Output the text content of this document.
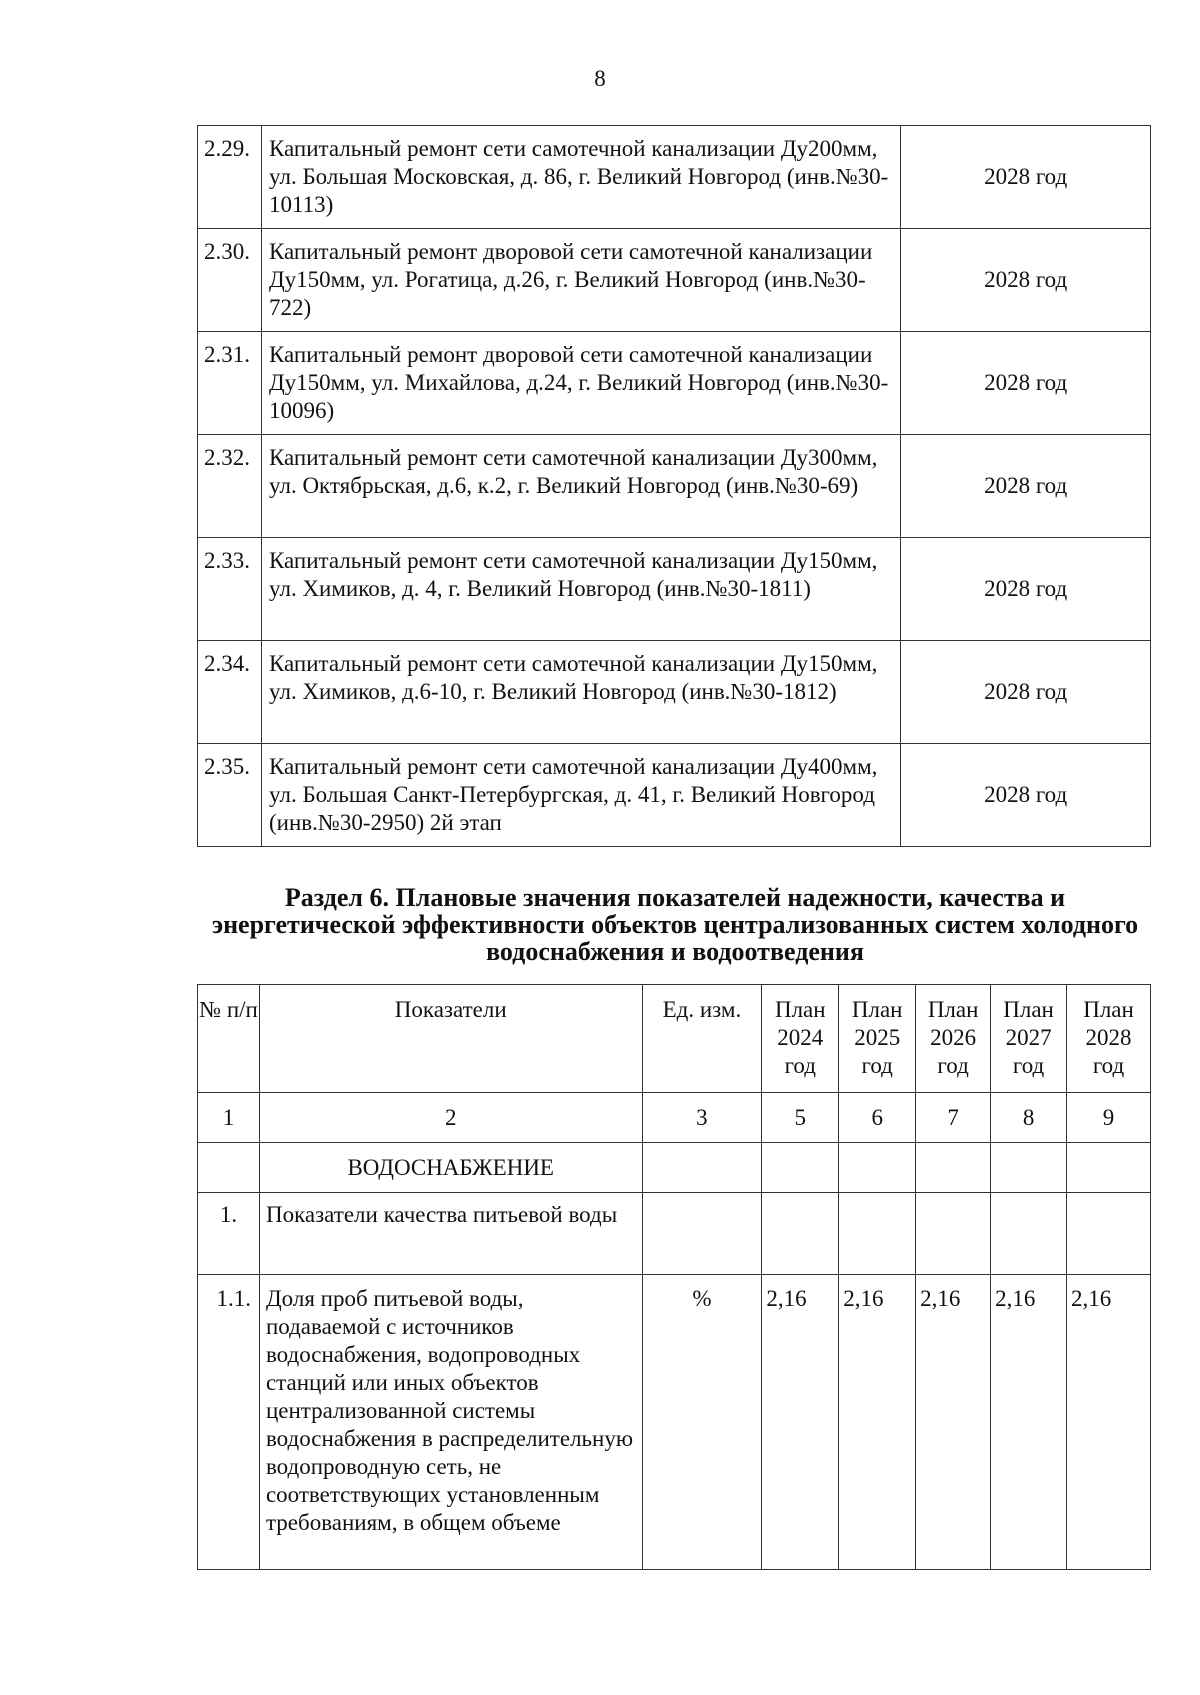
8
2.29.	Капитальный ремонт сети самотечной канализации Ду200мм, ул. Большая Московская, д. 86, г. Великий Новгород (инв.№30-10113)	2028 год
2.30.	Капитальный ремонт дворовой сети самотечной канализации Ду150мм, ул. Рогатица, д.26, г. Великий Новгород (инв.№30-722)	2028 год
2.31.	Капитальный ремонт дворовой сети самотечной канализации Ду150мм, ул. Михайлова, д.24, г. Великий Новгород (инв.№30-10096)	2028 год
2.32.	Капитальный ремонт сети самотечной канализации Ду300мм, ул. Октябрьская, д.6, к.2, г. Великий Новгород (инв.№30-69)	2028 год
2.33.	Капитальный ремонт сети самотечной канализации Ду150мм, ул. Химиков, д. 4, г. Великий Новгород (инв.№30-1811)	2028 год
2.34.	Капитальный ремонт сети самотечной канализации Ду150мм, ул. Химиков, д.6-10, г. Великий Новгород (инв.№30-1812)	2028 год
2.35.	Капитальный ремонт сети самотечной канализации Ду400мм, ул. Большая Санкт-Петербургская, д. 41, г. Великий Новгород (инв.№30-2950) 2й этап	2028 год
Раздел 6. Плановые значения показателей надежности, качества и энергетической эффективности объектов централизованных систем холодного водоснабжения и водоотведения
№ п/п	Показатели	Ед. изм.	План 2024 год	План 2025 год	План 2026 год	План 2027 год	План 2028 год
1	2	3	5	6	7	8	9
	ВОДОСНАБЖЕНИЕ						
1.	Показатели качества питьевой воды						
1.1.	Доля проб питьевой воды, подаваемой с источников водоснабжения, водопроводных станций или иных объектов централизованной системы водоснабжения в распределительную водопроводную сеть, не соответствующих установленным требованиям, в общем объеме	%	2,16	2,16	2,16	2,16	2,16
